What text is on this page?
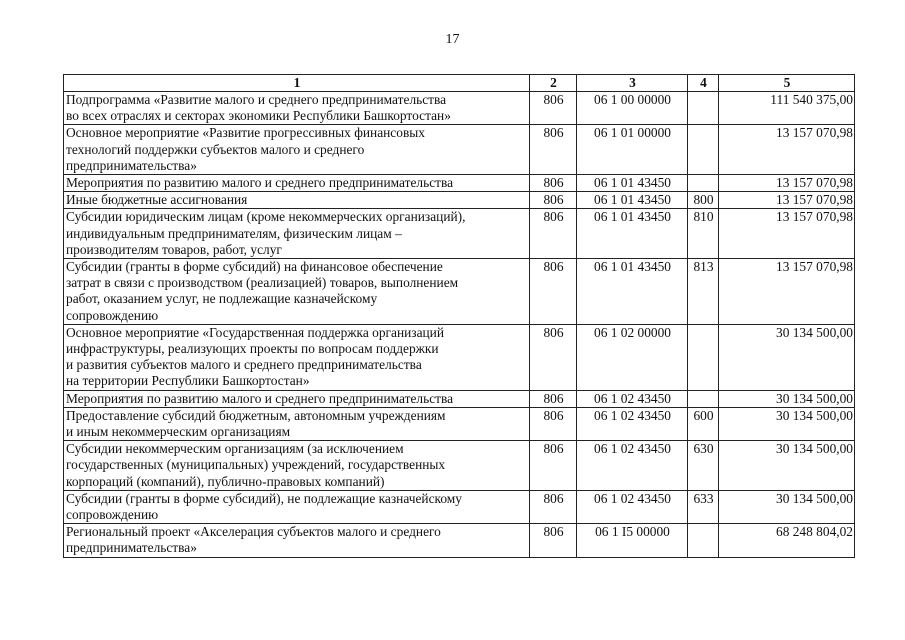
17
1	2	3	4	5
Подпрограмма «Развитие малого и среднего предпринимательства
во всех отраслях и секторах экономики Республики Башкортостан»	806	06 1 00 00000		111 540 375,00
Основное мероприятие «Развитие прогрессивных финансовых
технологий поддержки субъектов малого и среднего
предпринимательства»	806	06 1 01 00000		13 157 070,98
Мероприятия по развитию малого и среднего предпринимательства	806	06 1 01 43450		13 157 070,98
Иные бюджетные ассигнования	806	06 1 01 43450	800	13 157 070,98
Субсидии юридическим лицам (кроме некоммерческих организаций),
индивидуальным предпринимателям, физическим лицам –
производителям товаров, работ, услуг	806	06 1 01 43450	810	13 157 070,98
Субсидии (гранты в форме субсидий) на финансовое обеспечение
затрат в связи с производством (реализацией) товаров, выполнением
работ, оказанием услуг, не подлежащие казначейскому
сопровождению	806	06 1 01 43450	813	13 157 070,98
Основное мероприятие «Государственная поддержка организаций
инфраструктуры, реализующих проекты по вопросам поддержки
и развития субъектов малого и среднего предпринимательства
на территории Республики Башкортостан»	806	06 1 02 00000		30 134 500,00
Мероприятия по развитию малого и среднего предпринимательства	806	06 1 02 43450		30 134 500,00
Предоставление субсидий бюджетным, автономным учреждениям
и иным некоммерческим организациям	806	06 1 02 43450	600	30 134 500,00
Субсидии некоммерческим организациям (за исключением
государственных (муниципальных) учреждений, государственных
корпораций (компаний), публично-правовых компаний)	806	06 1 02 43450	630	30 134 500,00
Субсидии (гранты в форме субсидий), не подлежащие казначейскому
сопровождению	806	06 1 02 43450	633	30 134 500,00
Региональный проект «Акселерация субъектов малого и среднего
предпринимательства»	806	06 1 I5 00000		68 248 804,02
